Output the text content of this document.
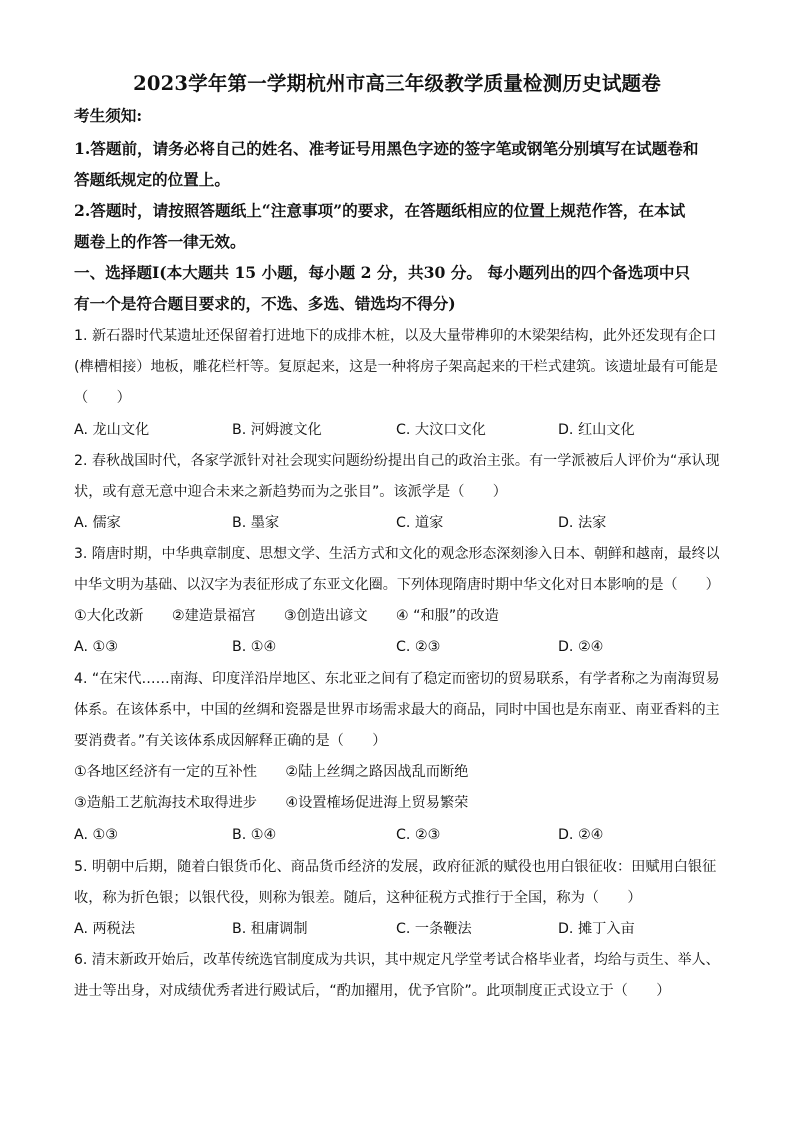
2023学年第一学期杭州市高三年级教学质量检测历史试题卷
考生须知:
1.答题前，请务必将自己的姓名、准考证号用黑色字迹的签字笔或钢笔分别填写在试题卷和
答题纸规定的位置上。
2.答题时，请按照答题纸上“注意事项”的要求，在答题纸相应的位置上规范作答，在本试
题卷上的作答一律无效。
一、选择题Ⅰ(本大题共 15 小题，每小题 2 分，共30 分。 每小题列出的四个备选项中只
有一个是符合题目要求的，不选、多选、错选均不得分)
1. 新石器时代某遗址还保留着打进地下的成排木桩，以及大量带榫卯的木梁架结构，此外还发现有企口
(榫槽相接）地板，雕花栏杆等。复原起来，这是一种将房子架高起来的干栏式建筑。该遗址最有可能是
（　　）
A. 龙山文化	B. 河姆渡文化	C. 大汶口文化	D. 红山文化
2. 春秋战国时代，各家学派针对社会现实问题纷纷提出自己的政治主张。有一学派被后人评价为“承认现
状，或有意无意中迎合未来之新趋势而为之张目”。该派学是（　　）
A. 儒家	B. 墨家	C. 道家	D. 法家
3. 隋唐时期，中华典章制度、思想文学、生活方式和文化的观念形态深刻渗入日本、朝鲜和越南，最终以
中华文明为基础、以汉字为表征形成了东亚文化圈。下列体现隋唐时期中华文化对日本影响的是（　　）
①大化改新　　②建造景福宫　　③创造出谚文　　④ “和服”的改造
A. ①③	B. ①④	C. ②③	D. ②④
4. “在宋代……南海、印度洋沿岸地区、东北亚之间有了稳定而密切的贸易联系，有学者称之为南海贸易
体系。在该体系中，中国的丝绸和瓷器是世界市场需求最大的商品，同时中国也是东南亚、南亚香料的主
要消费者。”有关该体系成因解释正确的是（　　）
①各地区经济有一定的互补性　　②陆上丝绸之路因战乱而断绝
③造船工艺航海技术取得进步　　④设置榷场促进海上贸易繁荣
A. ①③	B. ①④	C. ②③	D. ②④
5. 明朝中后期，随着白银货币化、商品货币经济的发展，政府征派的赋役也用白银征收：田赋用白银征
收，称为折色银；以银代役，则称为银差。随后，这种征税方式推行于全国，称为（　　）
A. 两税法	B. 租庸调制	C. 一条鞭法	D. 摊丁入亩
6. 清末新政开始后，改革传统选官制度成为共识，其中规定凡学堂考试合格毕业者，均给与贡生、举人、
进士等出身，对成绩优秀者进行殿试后，“酌加擢用，优予官阶”。此项制度正式设立于（　　）
